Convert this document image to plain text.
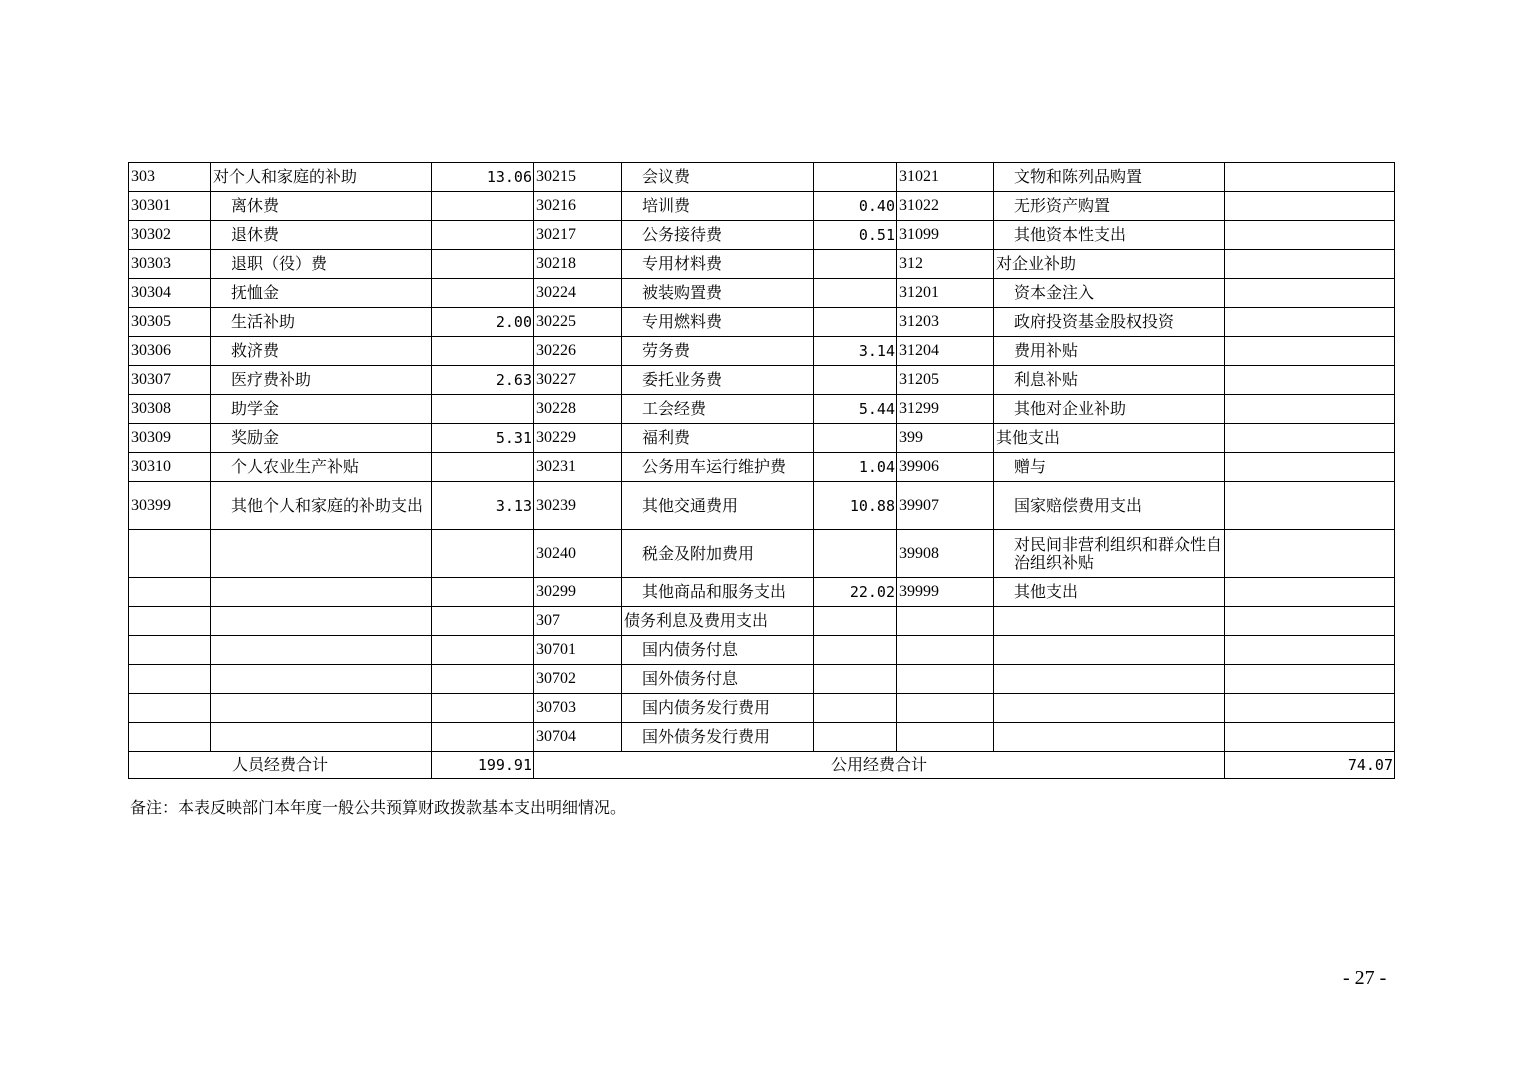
303	对个人和家庭的补助	13.06	30215	会议费		31021	文物和陈列品购置	
30301	离休费		30216	培训费	0.40	31022	无形资产购置	
30302	退休费		30217	公务接待费	0.51	31099	其他资本性支出	
30303	退职（役）费		30218	专用材料费		312	对企业补助	
30304	抚恤金		30224	被装购置费		31201	资本金注入	
30305	生活补助	2.00	30225	专用燃料费		31203	政府投资基金股权投资	
30306	救济费		30226	劳务费	3.14	31204	费用补贴	
30307	医疗费补助	2.63	30227	委托业务费		31205	利息补贴	
30308	助学金		30228	工会经费	5.44	31299	其他对企业补助	
30309	奖励金	5.31	30229	福利费		399	其他支出	
30310	个人农业生产补贴		30231	公务用车运行维护费	1.04	39906	赠与	
30399	其他个人和家庭的补助支出	3.13	30239	其他交通费用	10.88	39907	国家赔偿费用支出	
			30240	税金及附加费用		39908	对民间非营利组织和群众性自治组织补贴	
			30299	其他商品和服务支出	22.02	39999	其他支出	
			307	债务利息及费用支出				
			30701	国内债务付息				
			30702	国外债务付息				
			30703	国内债务发行费用				
			30704	国外债务发行费用				
人员经费合计		199.91	公用经费合计					74.07
备注：本表反映部门本年度一般公共预算财政拨款基本支出明细情况。
- 27 -
